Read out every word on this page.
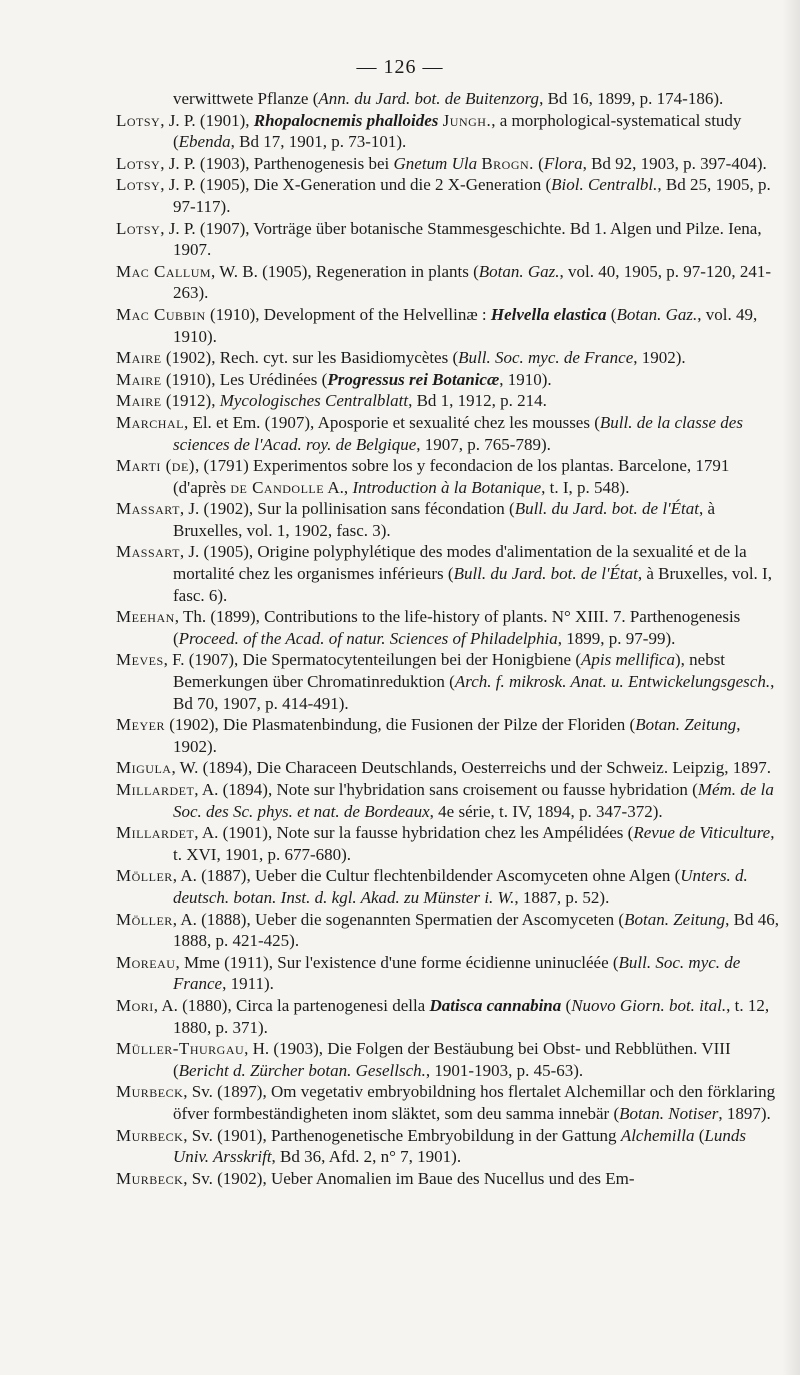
— 126 —

verwittwete Pflanze (Ann. du Jard. bot. de Buitenzorg, Bd 16, 1899, p. 174-186).

Lotsy, J. P. (1901), Rhopalocnemis phalloides Jungh., a morphological-systematical study (Ebenda, Bd 17, 1901, p. 73-101).

Lotsy, J. P. (1903), Parthenogenesis bei Gnetum Ula Brogn. (Flora, Bd 92, 1903, p. 397-404).

Lotsy, J. P. (1905), Die X-Generation und die 2 X-Generation (Biol. Centralbl., Bd 25, 1905, p. 97-117).

Lotsy, J. P. (1907), Vorträge über botanische Stammesgeschichte. Bd 1. Algen und Pilze. Iena, 1907.

Mac Callum, W. B. (1905), Regeneration in plants (Botan. Gaz., vol. 40, 1905, p. 97-120, 241-263).

Mac Cubbin (1910), Development of the Helvellinæ : Helvella elastica (Botan. Gaz., vol. 49, 1910).

Maire (1902), Rech. cyt. sur les Basidiomycètes (Bull. Soc. myc. de France, 1902).

Maire (1910), Les Urédinées (Progressus rei Botanicæ, 1910).

Maire (1912), Mycologisches Centralblatt, Bd 1, 1912, p. 214.

Marchal, El. et Em. (1907), Aposporie et sexualité chez les mousses (Bull. de la classe des sciences de l'Acad. roy. de Belgique, 1907, p. 765-789).

Marti (de), (1791) Experimentos sobre los y fecondacion de los plantas. Barcelone, 1791 (d'après de Candolle A., Introduction à la Botanique, t. I, p. 548).

Massart, J. (1902), Sur la pollinisation sans fécondation (Bull. du Jard. bot. de l'État, à Bruxelles, vol. 1, 1902, fasc. 3).

Massart, J. (1905), Origine polyphylétique des modes d'alimentation de la sexualité et de la mortalité chez les organismes inférieurs (Bull. du Jard. bot. de l'État, à Bruxelles, vol. I, fasc. 6).

Meehan, Th. (1899), Contributions to the life-history of plants. N° XIII. 7. Parthenogenesis (Proceed. of the Acad. of natur. Sciences of Philadelphia, 1899, p. 97-99).

Meves, F. (1907), Die Spermatocytenteilungen bei der Honigbiene (Apis mellifica), nebst Bemerkungen über Chromatinreduktion (Arch. f. mikrosk. Anat. u. Entwickelungsgesch., Bd 70, 1907, p. 414-491).

Meyer (1902), Die Plasmatenbindung, die Fusionen der Pilze der Floriden (Botan. Zeitung, 1902).

Migula, W. (1894), Die Characeen Deutschlands, Oesterreichs und der Schweiz. Leipzig, 1897.

Millardet, A. (1894), Note sur l'hybridation sans croisement ou fausse hybridation (Mém. de la Soc. des Sc. phys. et nat. de Bordeaux, 4e série, t. IV, 1894, p. 347-372).

Millardet, A. (1901), Note sur la fausse hybridation chez les Ampélidées (Revue de Viticulture, t. XVI, 1901, p. 677-680).

Möller, A. (1887), Ueber die Cultur flechtenbildender Ascomyceten ohne Algen (Unters. d. deutsch. botan. Inst. d. kgl. Akad. zu Münster i. W., 1887, p. 52).

Möller, A. (1888), Ueber die sogenannten Spermatien der Ascomyceten (Botan. Zeitung, Bd 46, 1888, p. 421-425).

Moreau, Mme (1911), Sur l'existence d'une forme écidienne uninucléée (Bull. Soc. myc. de France, 1911).

Mori, A. (1880), Circa la partenogenesi della Datisca cannabina (Nuovo Giorn. bot. ital., t. 12, 1880, p. 371).

Müller-Thurgau, H. (1903), Die Folgen der Bestäubung bei Obst- und Rebblüthen. VIII (Bericht d. Zürcher botan. Gesellsch., 1901-1903, p. 45-63).

Murbeck, Sv. (1897), Om vegetativ embryobildning hos flertalet Alchemillar och den förklaring öfver formbeständigheten inom släktet, som deu samma innebär (Botan. Notiser, 1897).

Murbeck, Sv. (1901), Parthenogenetische Embryobildung in der Gattung Alchemilla (Lunds Univ. Arsskrift, Bd 36, Afd. 2, n° 7, 1901).

Murbeck, Sv. (1902), Ueber Anomalien im Baue des Nucellus und des Em-
